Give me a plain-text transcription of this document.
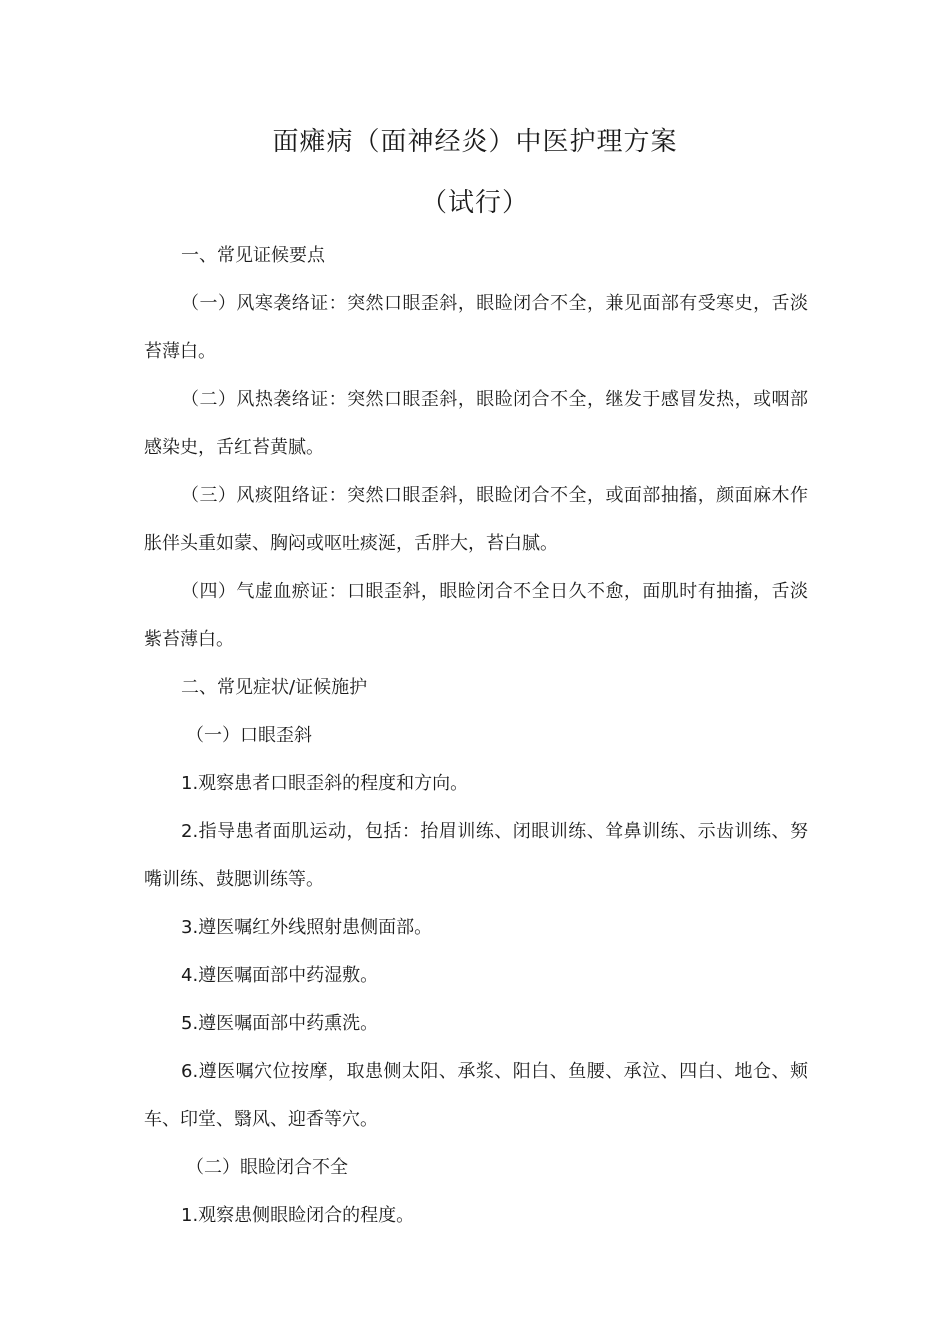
面瘫病（面神经炎）中医护理方案
（试行）

一、常见证候要点

（一）风寒袭络证：突然口眼歪斜，眼睑闭合不全，兼见面部有受寒史，舌淡苔薄白。

（二）风热袭络证：突然口眼歪斜，眼睑闭合不全，继发于感冒发热，或咽部感染史，舌红苔黄腻。

（三）风痰阻络证：突然口眼歪斜，眼睑闭合不全，或面部抽搐，颜面麻木作胀伴头重如蒙、胸闷或呕吐痰涎，舌胖大，苔白腻。

（四）气虚血瘀证：口眼歪斜，眼睑闭合不全日久不愈，面肌时有抽搐，舌淡紫苔薄白。

二、常见症状/证候施护

（一）口眼歪斜

1.观察患者口眼歪斜的程度和方向。

2.指导患者面肌运动，包括：抬眉训练、闭眼训练、耸鼻训练、示齿训练、努嘴训练、鼓腮训练等。

3.遵医嘱红外线照射患侧面部。

4.遵医嘱面部中药湿敷。

5.遵医嘱面部中药熏洗。

6.遵医嘱穴位按摩，取患侧太阳、承浆、阳白、鱼腰、承泣、四白、地仓、颊车、印堂、翳风、迎香等穴。

（二）眼睑闭合不全

1.观察患侧眼睑闭合的程度。
